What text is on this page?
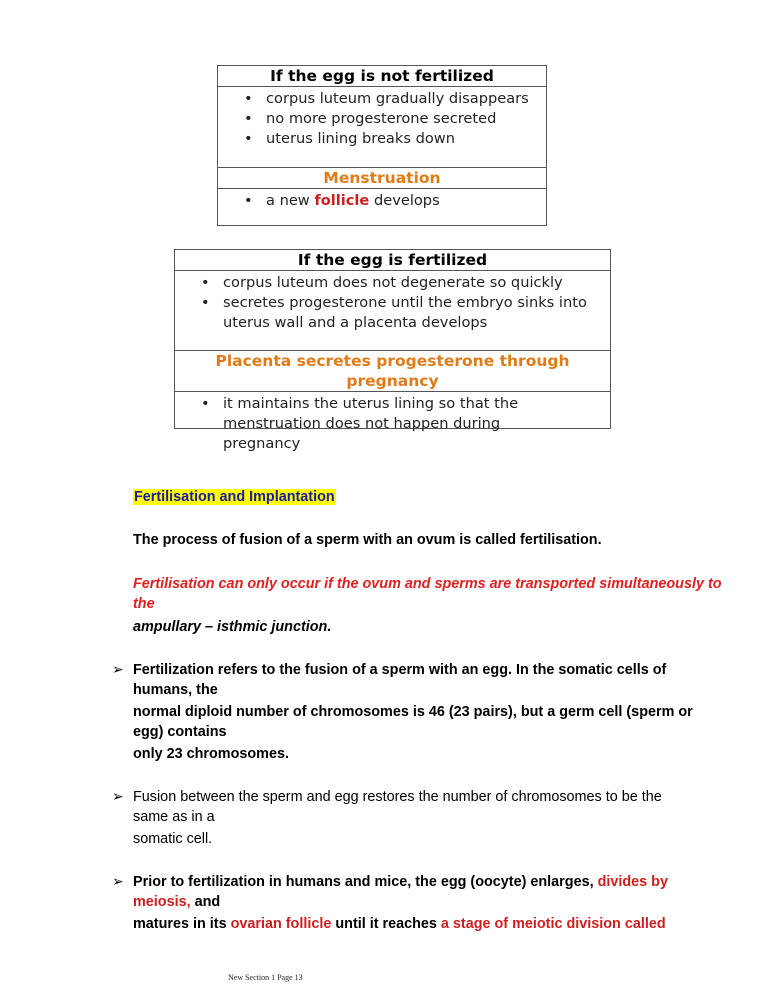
If the egg is not fertilized
• corpus luteum gradually disappears
• no more progesterone secreted
• uterus lining breaks down
Menstruation
• a new follicle develops
If the egg is fertilized
• corpus luteum does not degenerate so quickly
• secretes progesterone until the embryo sinks into uterus wall and a placenta develops
Placenta secretes progesterone through pregnancy
• it maintains the uterus lining so that the menstruation does not happen during pregnancy
Fertilisation and Implantation
The process of fusion of a sperm with an ovum is called fertilisation.
Fertilisation can only occur if the ovum and sperms are transported simultaneously to
the
ampullary – isthmic junction.
➢ Fertilization refers to the fusion of a sperm with an egg. In the somatic cells of
humans, the
normal diploid number of chromosomes is 46 (23 pairs), but a germ cell (sperm or
egg) contains
only 23 chromosomes.
➢ Fusion between the sperm and egg restores the number of chromosomes to be the
same as in a
somatic cell.
➢ Prior to fertilization in humans and mice, the egg (oocyte) enlarges, divides by
meiosis, and
matures in its ovarian follicle until it reaches a stage of meiotic division called
New Section 1 Page 13
